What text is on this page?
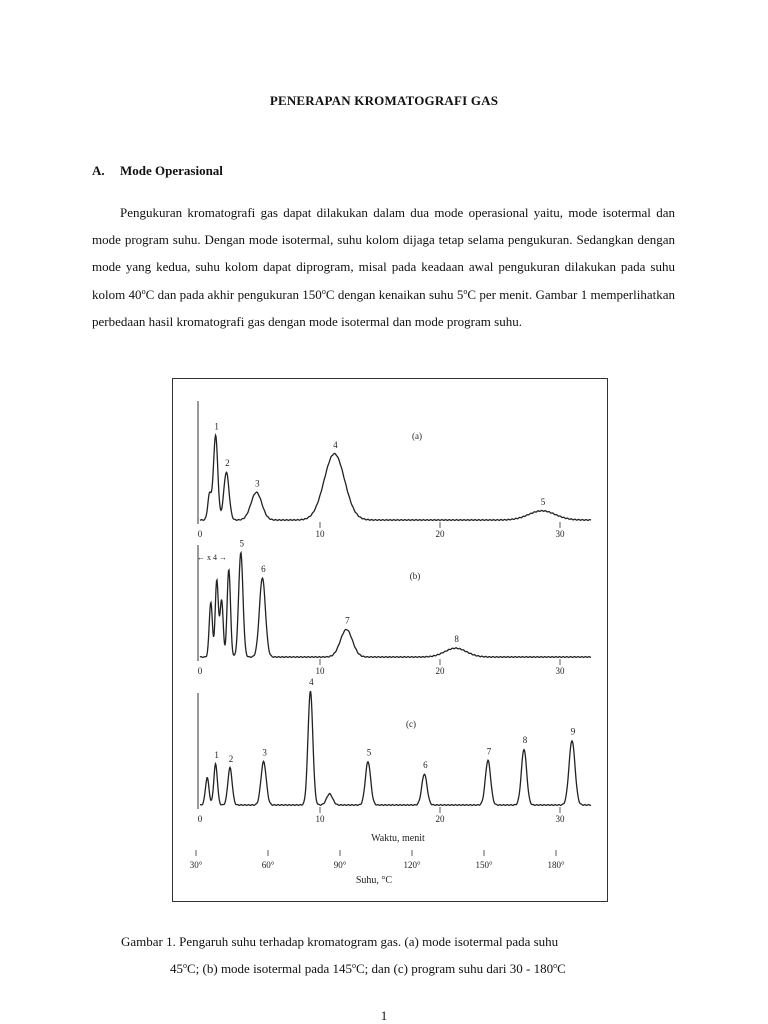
PENERAPAN KROMATOGRAFI GAS
A. Mode Operasional

Pengukuran kromatografi gas dapat dilakukan dalam dua mode operasional yaitu, mode isotermal dan mode program suhu. Dengan mode isotermal, suhu kolom dijaga tetap selama pengukuran. Sedangkan dengan mode yang kedua, suhu kolom dapat diprogram, misal pada keadaan awal pengukuran dilakukan pada suhu kolom 40$^o$C dan pada akhir pengukuran 150$^o$C dengan kenaikan suhu 5$^o$C per menit. Gambar 1 memperlihatkan perbedaan hasil kromatografi gas dengan mode isotermal dan mode program suhu.

1
2
3
4
5
(a)
0	10	20	30
5
6
7
8
(b)
0	10	20	30
1 2
3
4
5
6
7
8
9
(c)
0	10	20	30
← x 4 →
Waktu, menit
30°	60°	90°	120°	150°	180°
Suhu, °C

Gambar 1. Pengaruh suhu terhadap kromatogram gas. (a) mode isotermal pada suhu

45$^o$C; (b) mode isotermal pada 145$^o$C; dan (c) program suhu dari 30 - 180$^o$C

1
